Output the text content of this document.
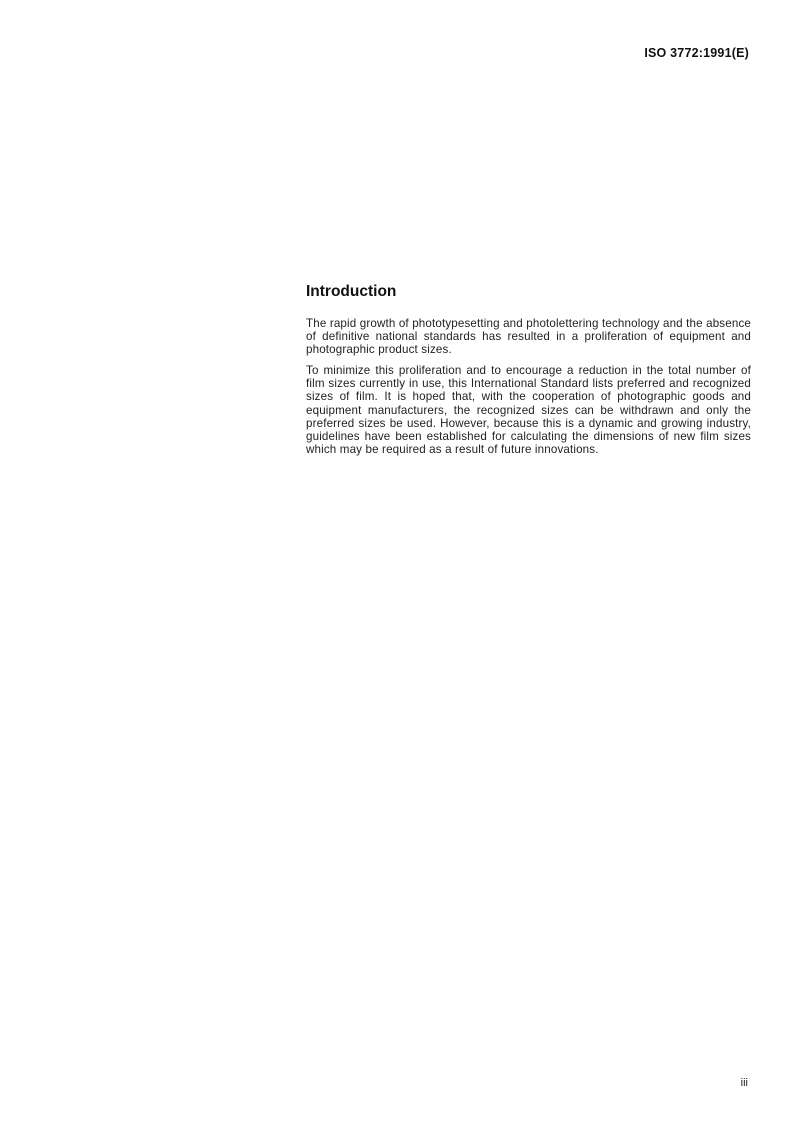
ISO 3772:1991(E)
Introduction

The rapid growth of phototypesetting and photolettering technology and the absence of definitive national standards has resulted in a proliferation of equipment and photographic product sizes.

To minimize this proliferation and to encourage a reduction in the total number of film sizes currently in use, this International Standard lists preferred and recognized sizes of film. It is hoped that, with the cooperation of photographic goods and equipment manufacturers, the recognized sizes can be withdrawn and only the preferred sizes be used. However, because this is a dynamic and growing industry, guidelines have been established for calculating the dimensions of new film sizes which may be required as a result of future innovations.

iii
